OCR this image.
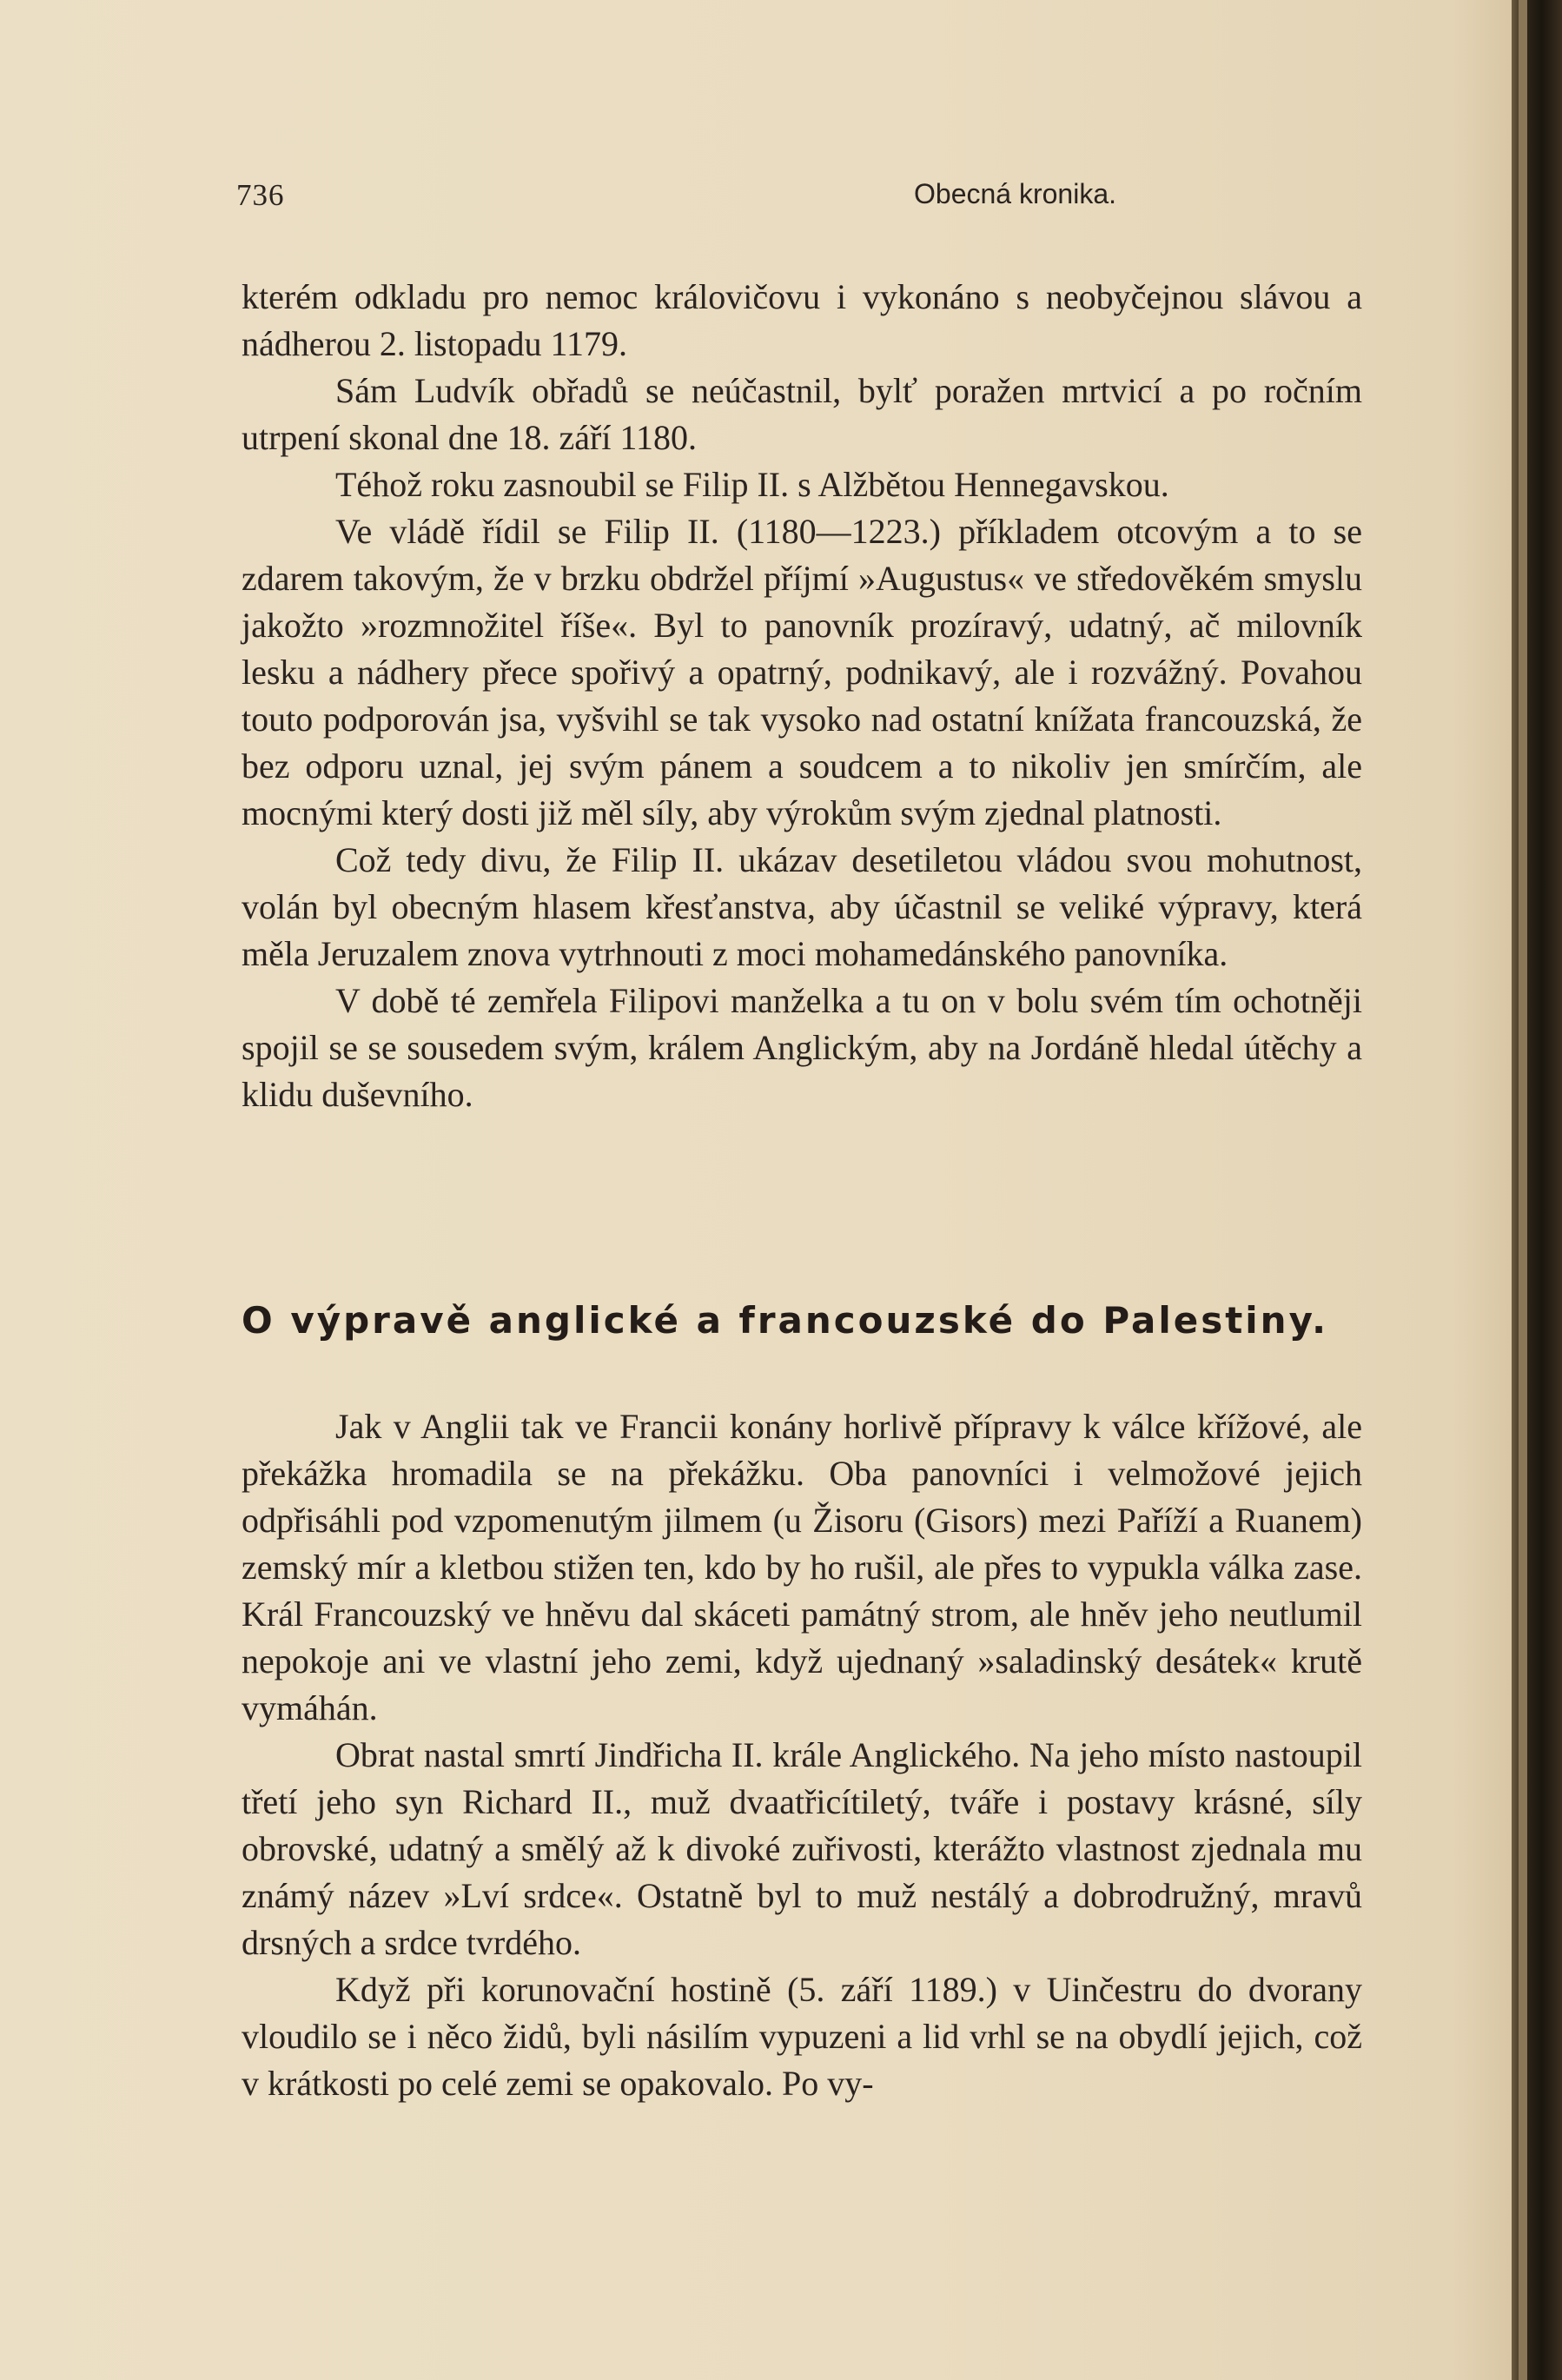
736	Obecná kronika.

kterém odkladu pro nemoc královičovu i vykonáno s neobyčejnou slávou a nádherou 2. listopadu 1179.

Sám Ludvík obřadů se neúčastnil, bylť poražen mrtvicí a po ročním utrpení skonal dne 18. září 1180.

Téhož roku zasnoubil se Filip II. s Alžbětou Hennegavskou.

Ve vládě řídil se Filip II. (1180—1223.) příkladem otcovým a to se zdarem takovým, že v brzku obdržel příjmí »Augustus« ve středověkém smyslu jakožto »rozmnožitel říše«. Byl to panovník prozíravý, udatný, ač milovník lesku a nádhery přece spořivý a opatrný, podnikavý, ale i rozvážný. Povahou touto podporován jsa, vyšvihl se tak vysoko nad ostatní knížata francouzská, že bez odporu uznal, jej svým pánem a soudcem a to nikoliv jen smírčím, ale mocnými který dosti již měl síly, aby výrokům svým zjednal platnosti.

Což tedy divu, že Filip II. ukázav desetiletou vládou svou mohutnost, volán byl obecným hlasem křesťanstva, aby účastnil se veliké výpravy, která měla Jeruzalem znova vytrhnouti z moci mohamedánského panovníka.

V době té zemřela Filipovi manželka a tu on v bolu svém tím ochotněji spojil se se sousedem svým, králem Anglickým, aby na Jordáně hledal útěchy a klidu duševního.

O výpravě anglické a francouzské do Palestiny.

Jak v Anglii tak ve Francii konány horlivě přípravy k válce křížové, ale překážka hromadila se na překážku. Oba panovníci i velmožové jejich odpřisáhli pod vzpomenutým jilmem (u Žisoru (Gisors) mezi Paříží a Ruanem) zemský mír a kletbou stižen ten, kdo by ho rušil, ale přes to vypukla válka zase. Král Francouzský ve hněvu dal skáceti památný strom, ale hněv jeho neutlumil nepokoje ani ve vlastní jeho zemi, když ujednaný »saladinský desátek« krutě vymáhán.

Obrat nastal smrtí Jindřicha II. krále Anglického. Na jeho místo nastoupil třetí jeho syn Richard II., muž dvaatřicítiletý, tváře i postavy krásné, síly obrovské, udatný a smělý až k divoké zuřivosti, kterážto vlastnost zjednala mu známý název »Lví srdce«. Ostatně byl to muž nestálý a dobrodružný, mravů drsných a srdce tvrdého.

Když při korunovační hostině (5. září 1189.) v Uinčestru do dvorany vloudilo se i něco židů, byli násilím vypuzeni a lid vrhl se na obydlí jejich, což v krátkosti po celé zemi se opakovalo. Po vy-
